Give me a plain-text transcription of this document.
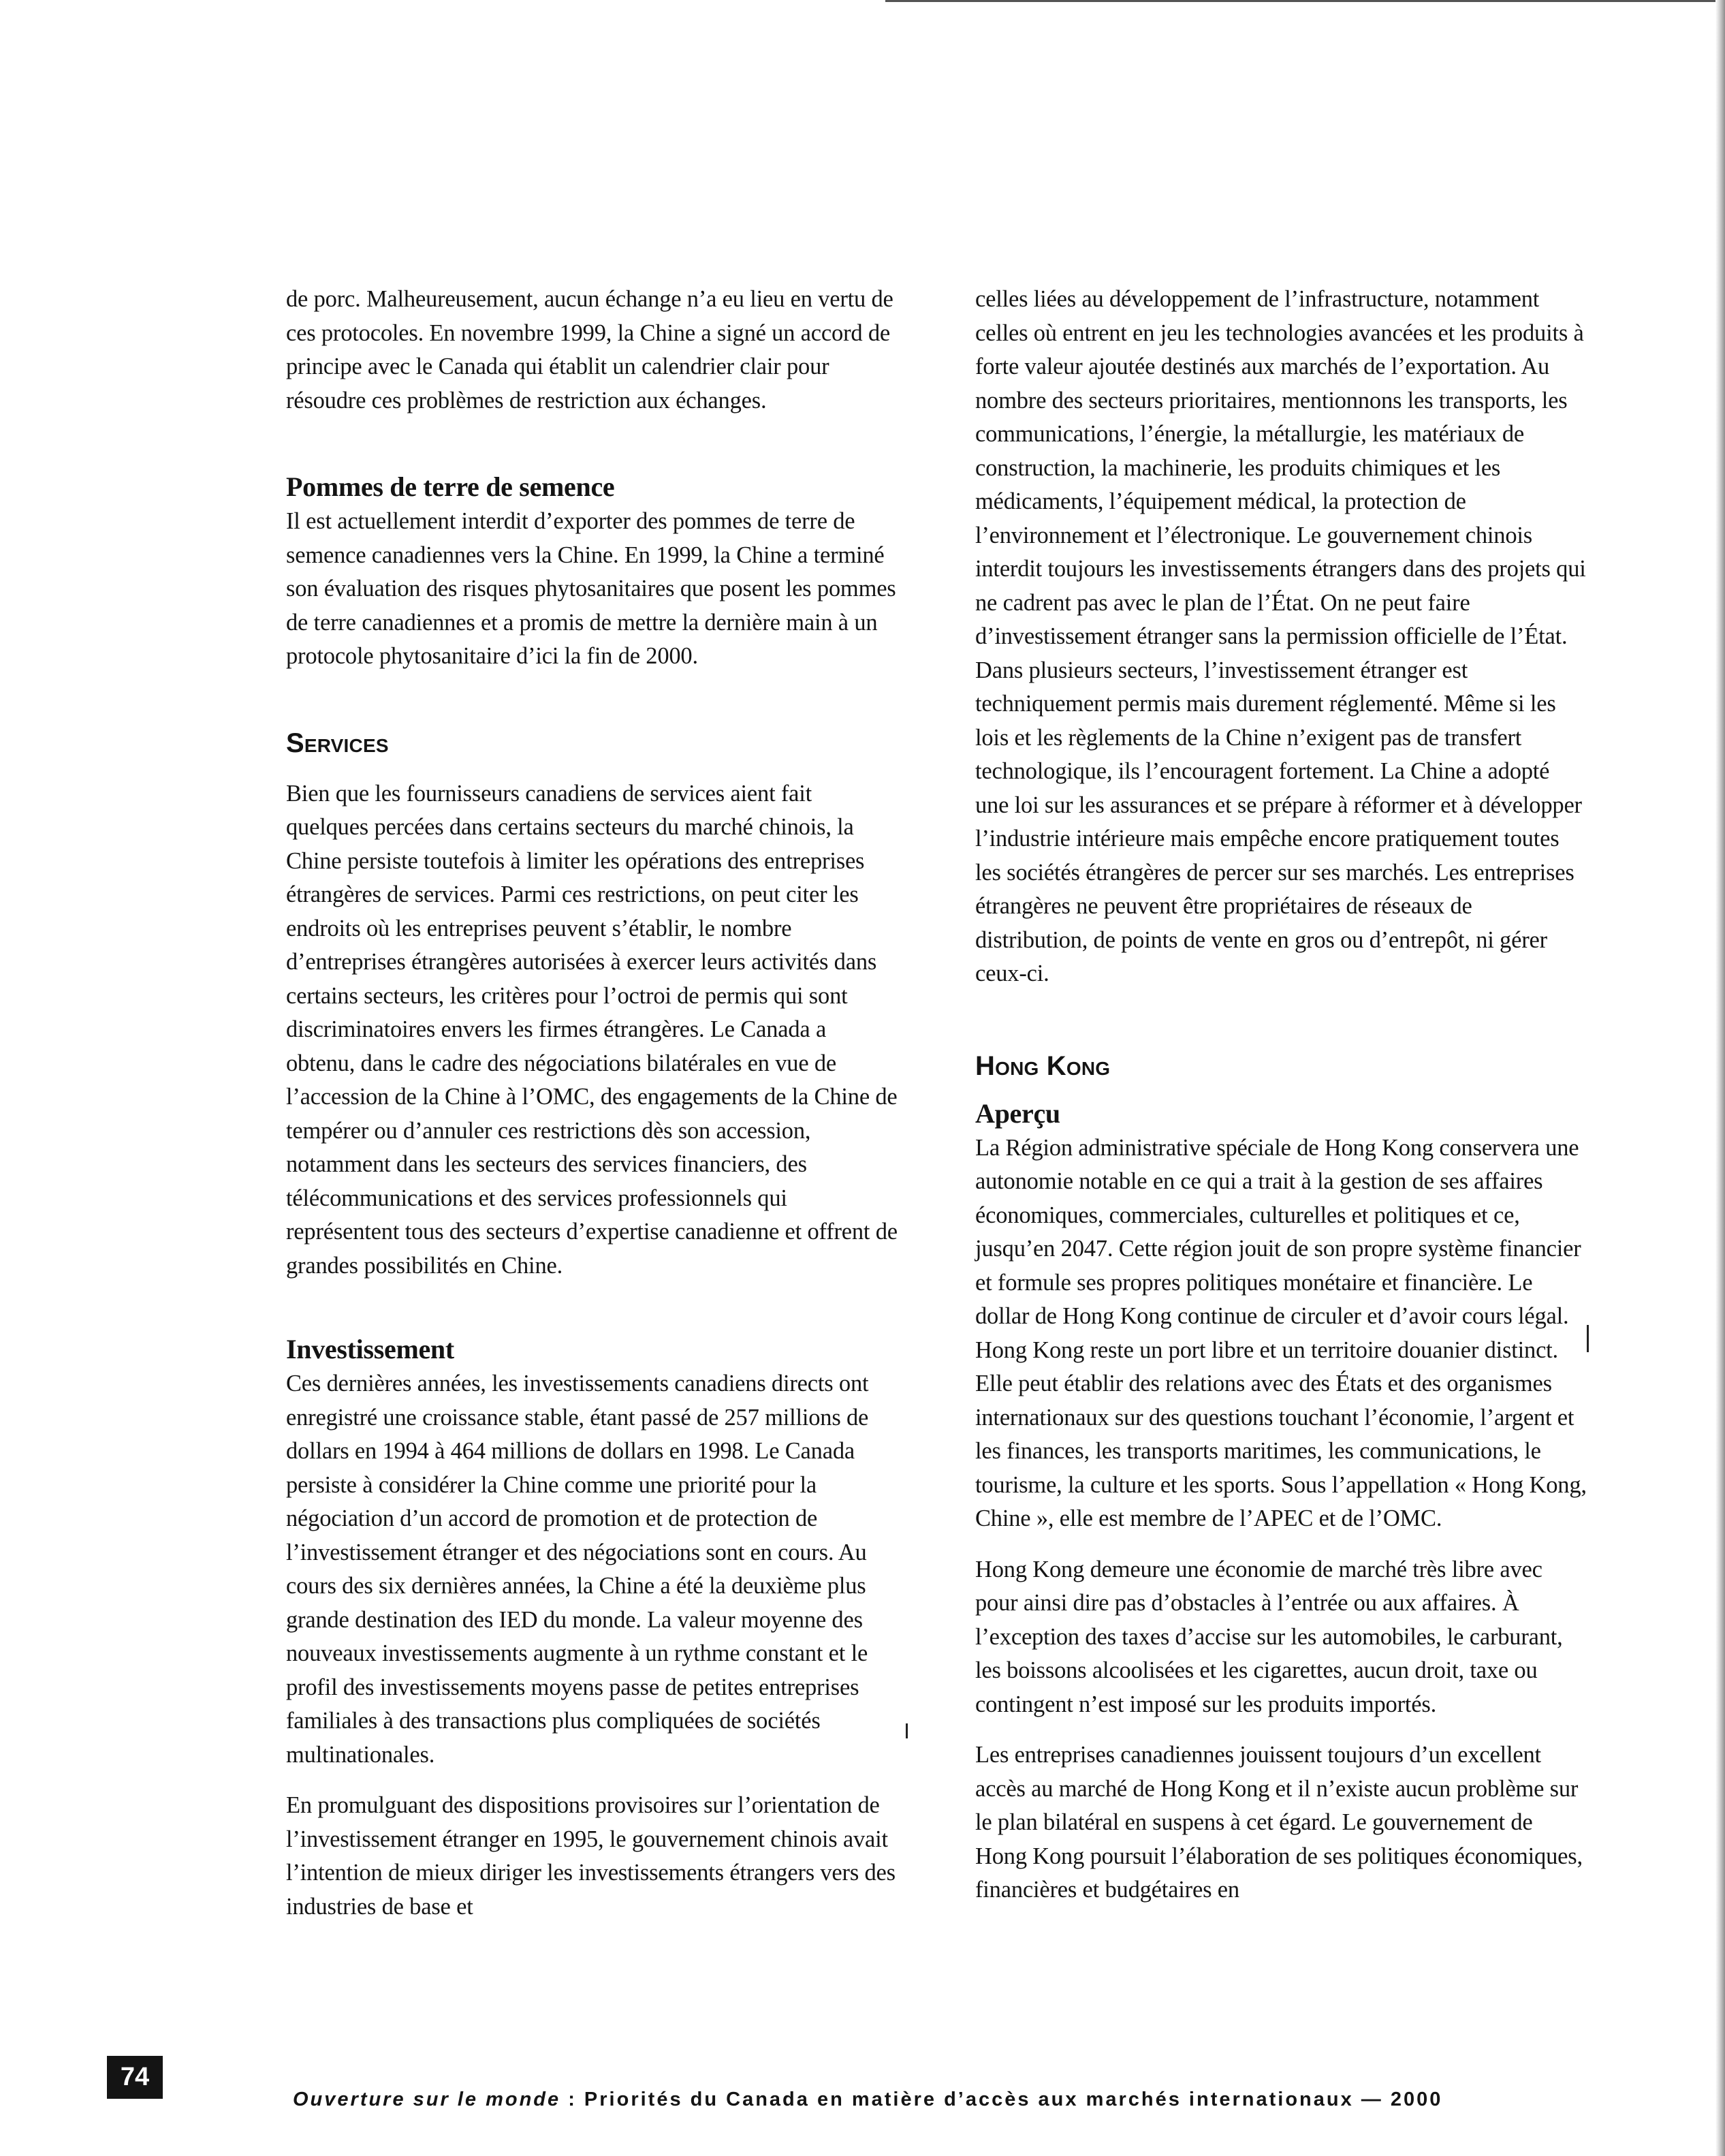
de porc. Malheureusement, aucun échange n’a eu lieu en vertu de ces protocoles. En novembre 1999, la Chine a signé un accord de principe avec le Canada qui établit un calendrier clair pour résoudre ces problèmes de restriction aux échanges.

Pommes de terre de semence

Il est actuellement interdit d’exporter des pommes de terre de semence canadiennes vers la Chine. En 1999, la Chine a terminé son évaluation des risques phytosanitaires que posent les pommes de terre canadiennes et a promis de mettre la dernière main à un protocole phytosanitaire d’ici la fin de 2000.

Services

Bien que les fournisseurs canadiens de services aient fait quelques percées dans certains secteurs du marché chinois, la Chine persiste toutefois à limiter les opérations des entreprises étrangères de services. Parmi ces restrictions, on peut citer les endroits où les entreprises peuvent s’établir, le nombre d’entreprises étrangères autorisées à exercer leurs activités dans certains secteurs, les critères pour l’octroi de permis qui sont discriminatoires envers les firmes étrangères. Le Canada a obtenu, dans le cadre des négociations bilatérales en vue de l’accession de la Chine à l’OMC, des engagements de la Chine de tempérer ou d’annuler ces restrictions dès son accession, notamment dans les secteurs des services financiers, des télécommunications et des services professionnels qui représentent tous des secteurs d’expertise canadienne et offrent de grandes possibilités en Chine.

Investissement

Ces dernières années, les investissements canadiens directs ont enregistré une croissance stable, étant passé de 257 millions de dollars en 1994 à 464 millions de dollars en 1998. Le Canada persiste à considérer la Chine comme une priorité pour la négociation d’un accord de promotion et de protection de l’investissement étranger et des négociations sont en cours. Au cours des six dernières années, la Chine a été la deuxième plus grande destination des IED du monde. La valeur moyenne des nouveaux investissements augmente à un rythme constant et le profil des investissements moyens passe de petites entreprises familiales à des transactions plus compliquées de sociétés multinationales.

En promulguant des dispositions provisoires sur l’orientation de l’investissement étranger en 1995, le gouvernement chinois avait l’intention de mieux diriger les investissements étrangers vers des industries de base et

celles liées au développement de l’infrastructure, notamment celles où entrent en jeu les technologies avancées et les produits à forte valeur ajoutée destinés aux marchés de l’exportation. Au nombre des secteurs prioritaires, mentionnons les transports, les communications, l’énergie, la métallurgie, les matériaux de construction, la machinerie, les produits chimiques et les médicaments, l’équipement médical, la protection de l’environnement et l’électronique. Le gouvernement chinois interdit toujours les investissements étrangers dans des projets qui ne cadrent pas avec le plan de l’État. On ne peut faire d’investissement étranger sans la permission officielle de l’État. Dans plusieurs secteurs, l’investissement étranger est techniquement permis mais durement réglementé. Même si les lois et les règlements de la Chine n’exigent pas de transfert technologique, ils l’encouragent fortement. La Chine a adopté une loi sur les assurances et se prépare à réformer et à développer l’industrie intérieure mais empêche encore pratiquement toutes les sociétés étrangères de percer sur ses marchés. Les entreprises étrangères ne peuvent être propriétaires de réseaux de distribution, de points de vente en gros ou d’entrepôt, ni gérer ceux-ci.

Hong Kong
Aperçu

La Région administrative spéciale de Hong Kong conservera une autonomie notable en ce qui a trait à la gestion de ses affaires économiques, commerciales, culturelles et politiques et ce, jusqu’en 2047. Cette région jouit de son propre système financier et formule ses propres politiques monétaire et financière. Le dollar de Hong Kong continue de circuler et d’avoir cours légal. Hong Kong reste un port libre et un territoire douanier distinct. Elle peut établir des relations avec des États et des organismes internationaux sur des questions touchant l’économie, l’argent et les finances, les transports maritimes, les communications, le tourisme, la culture et les sports. Sous l’appellation « Hong Kong, Chine », elle est membre de l’APEC et de l’OMC.

Hong Kong demeure une économie de marché très libre avec pour ainsi dire pas d’obstacles à l’entrée ou aux affaires. À l’exception des taxes d’accise sur les automobiles, le carburant, les boissons alcoolisées et les cigarettes, aucun droit, taxe ou contingent n’est imposé sur les produits importés.

Les entreprises canadiennes jouissent toujours d’un excellent accès au marché de Hong Kong et il n’existe aucun problème sur le plan bilatéral en suspens à cet égard. Le gouvernement de Hong Kong poursuit l’élaboration de ses politiques économiques, financières et budgétaires en

74

Ouverture sur le monde : Priorités du Canada en matière d’accès aux marchés internationaux — 2000
